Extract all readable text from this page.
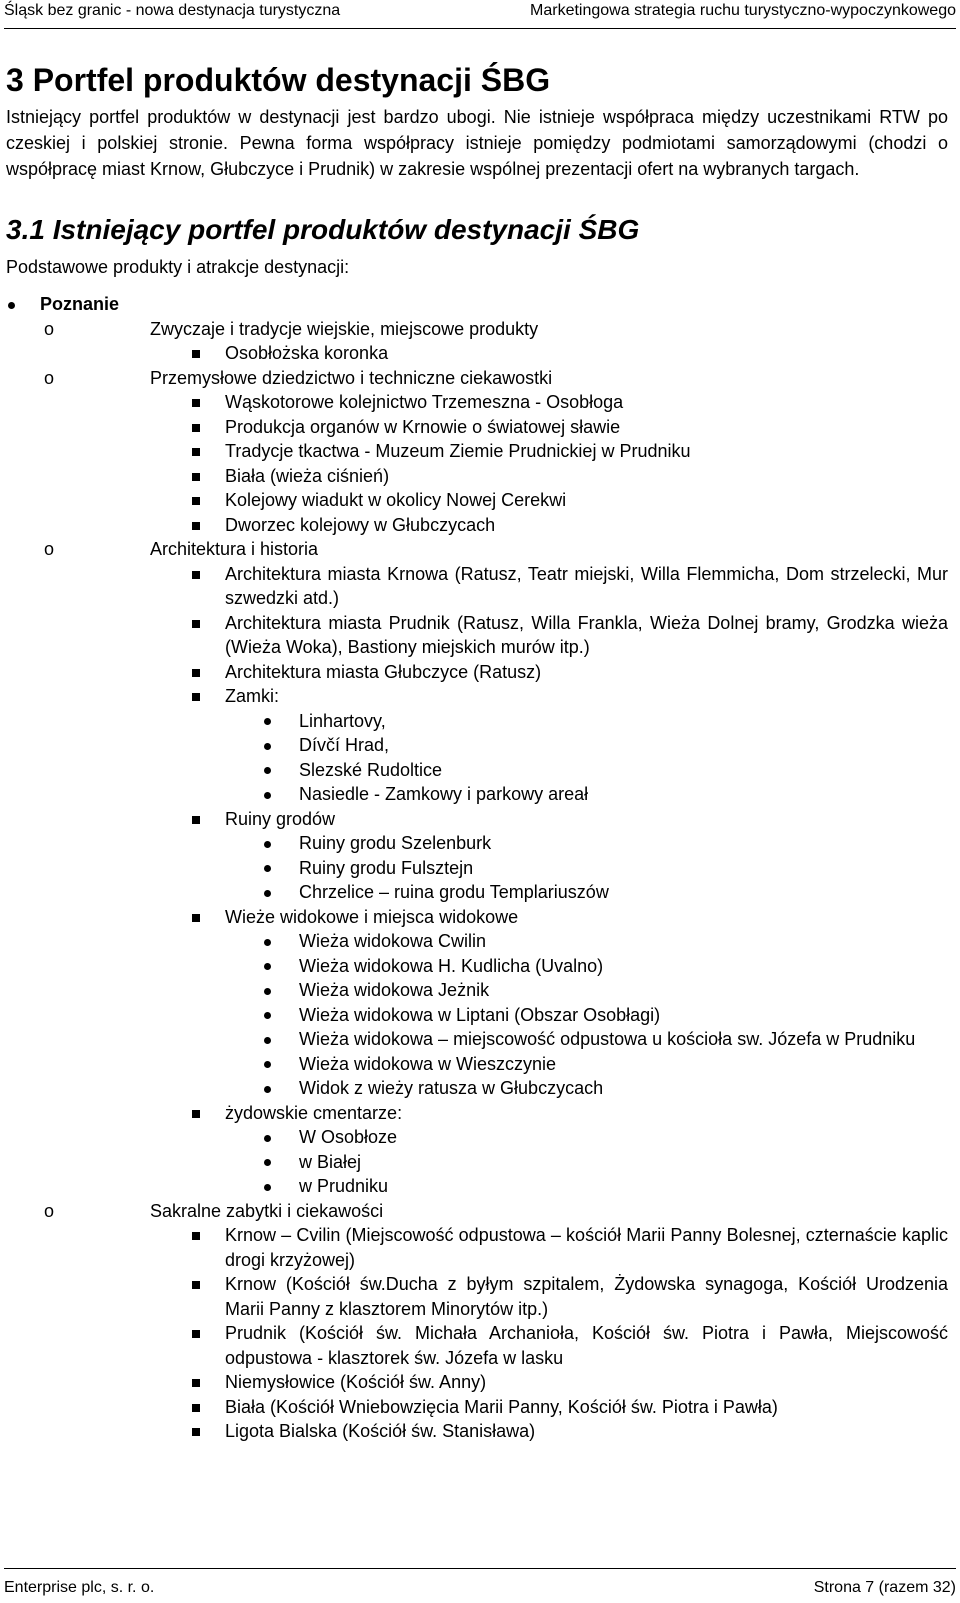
Śląsk bez granic - nowa destynacja turystyczna	Marketingowa strategia ruchu turystyczno-wypoczynkowego
3 Portfel produktów destynacji ŚBG

Istniejący portfel produktów w destynacji jest bardzo ubogi. Nie istnieje współpraca między uczestnikami RTW po czeskiej i polskiej stronie. Pewna forma współpracy istnieje pomiędzy podmiotami samorządowymi (chodzi o współpracę miast Krnow, Głubczyce i Prudnik) w zakresie wspólnej prezentacji ofert na wybranych targach.

3.1 Istniejący portfel produktów destynacji ŚBG
Podstawowe produkty i atrakcje destynacji:
Poznanie
o	Zwyczaje i tradycje wiejskie, miejscowe produkty
Osobłożska koronka
o	Przemysłowe dziedzictwo i techniczne ciekawostki
Wąskotorowe kolejnictwo Trzemeszna - Osobłoga
Produkcja organów w Krnowie o światowej sławie
Tradycje tkactwa - Muzeum Ziemie Prudnickiej w Prudniku
Biała (wieża ciśnień)
Kolejowy wiadukt w okolicy Nowej Cerekwi
Dworzec kolejowy w Głubczycach
o	Architektura i historia
Architektura miasta Krnowa (Ratusz, Teatr miejski, Willa Flemmicha, Dom strzelecki, Mur szwedzki atd.)
Architektura miasta Prudnik (Ratusz, Willa Frankla, Wieża Dolnej bramy, Grodzka wieża (Wieża Woka), Bastiony miejskich murów itp.)
Architektura miasta Głubczyce (Ratusz)
Zamki:
Linhartovy,
Dívčí Hrad,
Slezské Rudoltice
Nasiedle - Zamkowy i parkowy areał
Ruiny grodów
Ruiny grodu Szelenburk
Ruiny grodu Fulsztejn
Chrzelice – ruina grodu Templariuszów
Wieże widokowe i miejsca widokowe
Wieża widokowa Cwilin
Wieża widokowa H. Kudlicha (Uvalno)
Wieża widokowa Jeżnik
Wieża widokowa w Liptani (Obszar Osobłagi)
Wieża widokowa – miejscowość odpustowa u kościoła sw. Józefa w Prudniku
Wieża widokowa w Wieszczynie
Widok z wieży ratusza w Głubczycach
żydowskie cmentarze:
W Osobłoze
w Białej
w Prudniku
o	Sakralne zabytki i ciekawości
Krnow – Cvilin (Miejscowość odpustowa – kościół Marii Panny Bolesnej, czternaście kaplic drogi krzyżowej)
Krnow (Kościół św.Ducha z byłym szpitalem, Żydowska synagoga, Kościół Urodzenia Marii Panny z klasztorem Minorytów itp.)
Prudnik (Kościół św. Michała Archanioła, Kościół św. Piotra i Pawła, Miejscowość odpustowa - klasztorek św. Józefa w lasku
Niemysłowice (Kościół św. Anny)
Biała (Kościół Wniebowzięcia Marii Panny, Kościół św. Piotra i Pawła)
Ligota Bialska (Kościół św. Stanisława)
Enterprise plc, s. r. o.	Strona 7 (razem 32)
